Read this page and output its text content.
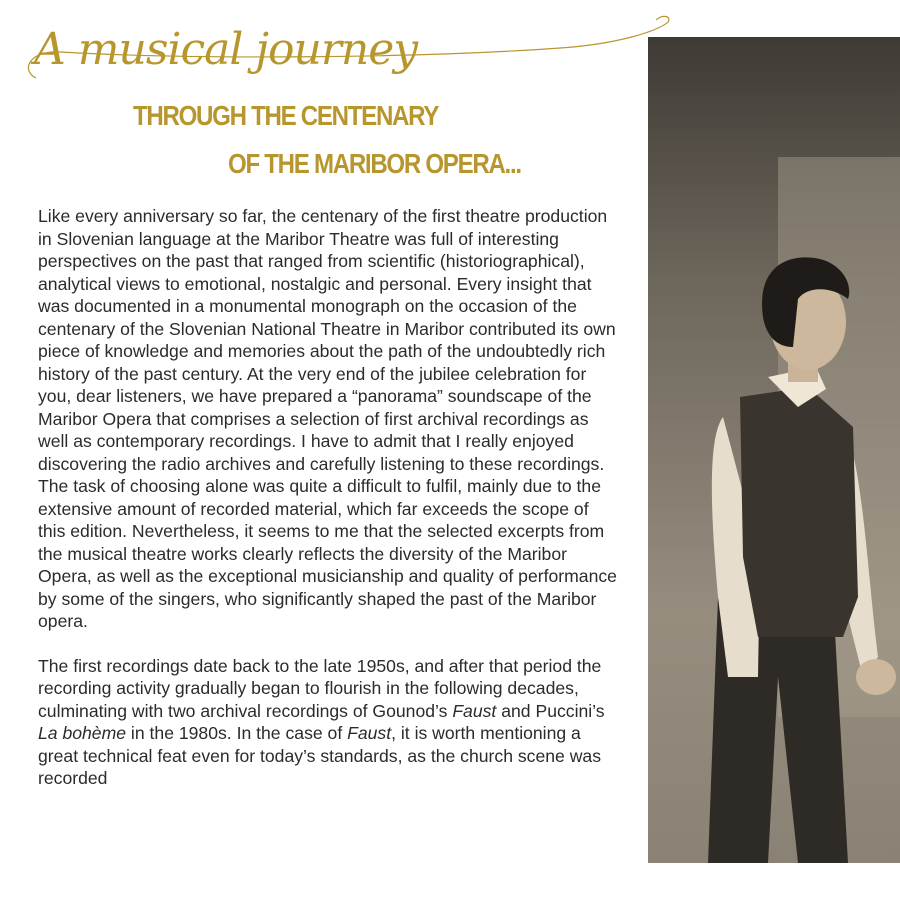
A musical journey
THROUGH THE CENTENARY
OF THE MARIBOR OPERA...

Like every anniversary so far, the centenary of the first theatre production in Slovenian language at the Maribor Theatre was full of interesting perspectives on the past that ranged from scientific (historiographical), analytical views to emotional, nostalgic and personal. Every insight that was documented in a monumental monograph on the occasion of the centenary of the Slovenian National Theatre in Maribor contributed its own piece of knowledge and memories about the path of the undoubtedly rich history of the past century. At the very end of the jubilee celebration for you, dear listeners, we have prepared a “panorama” soundscape of the Maribor Opera that comprises a selection of first archival recordings as well as contemporary recordings. I have to admit that I really enjoyed discovering the radio archives and carefully listening to these recordings. The task of choosing alone was quite a difficult to fulfil, mainly due to the extensive amount of recorded material, which far exceeds the scope of this edition. Nevertheless, it seems to me that the selected excerpts from the musical theatre works clearly reflects the diversity of the Maribor Opera, as well as the exceptional musicianship and quality of performance by some of the singers, who significantly shaped the past of the Maribor opera.

The first recordings date back to the late 1950s, and after that period the recording activity gradually began to flourish in the following decades, culminating with two archival recordings of Gounod’s Faust and Puccini’s La bohème in the 1980s. In the case of Faust, it is worth mentioning a great technical feat even for today’s standards, as the church scene was recorded
